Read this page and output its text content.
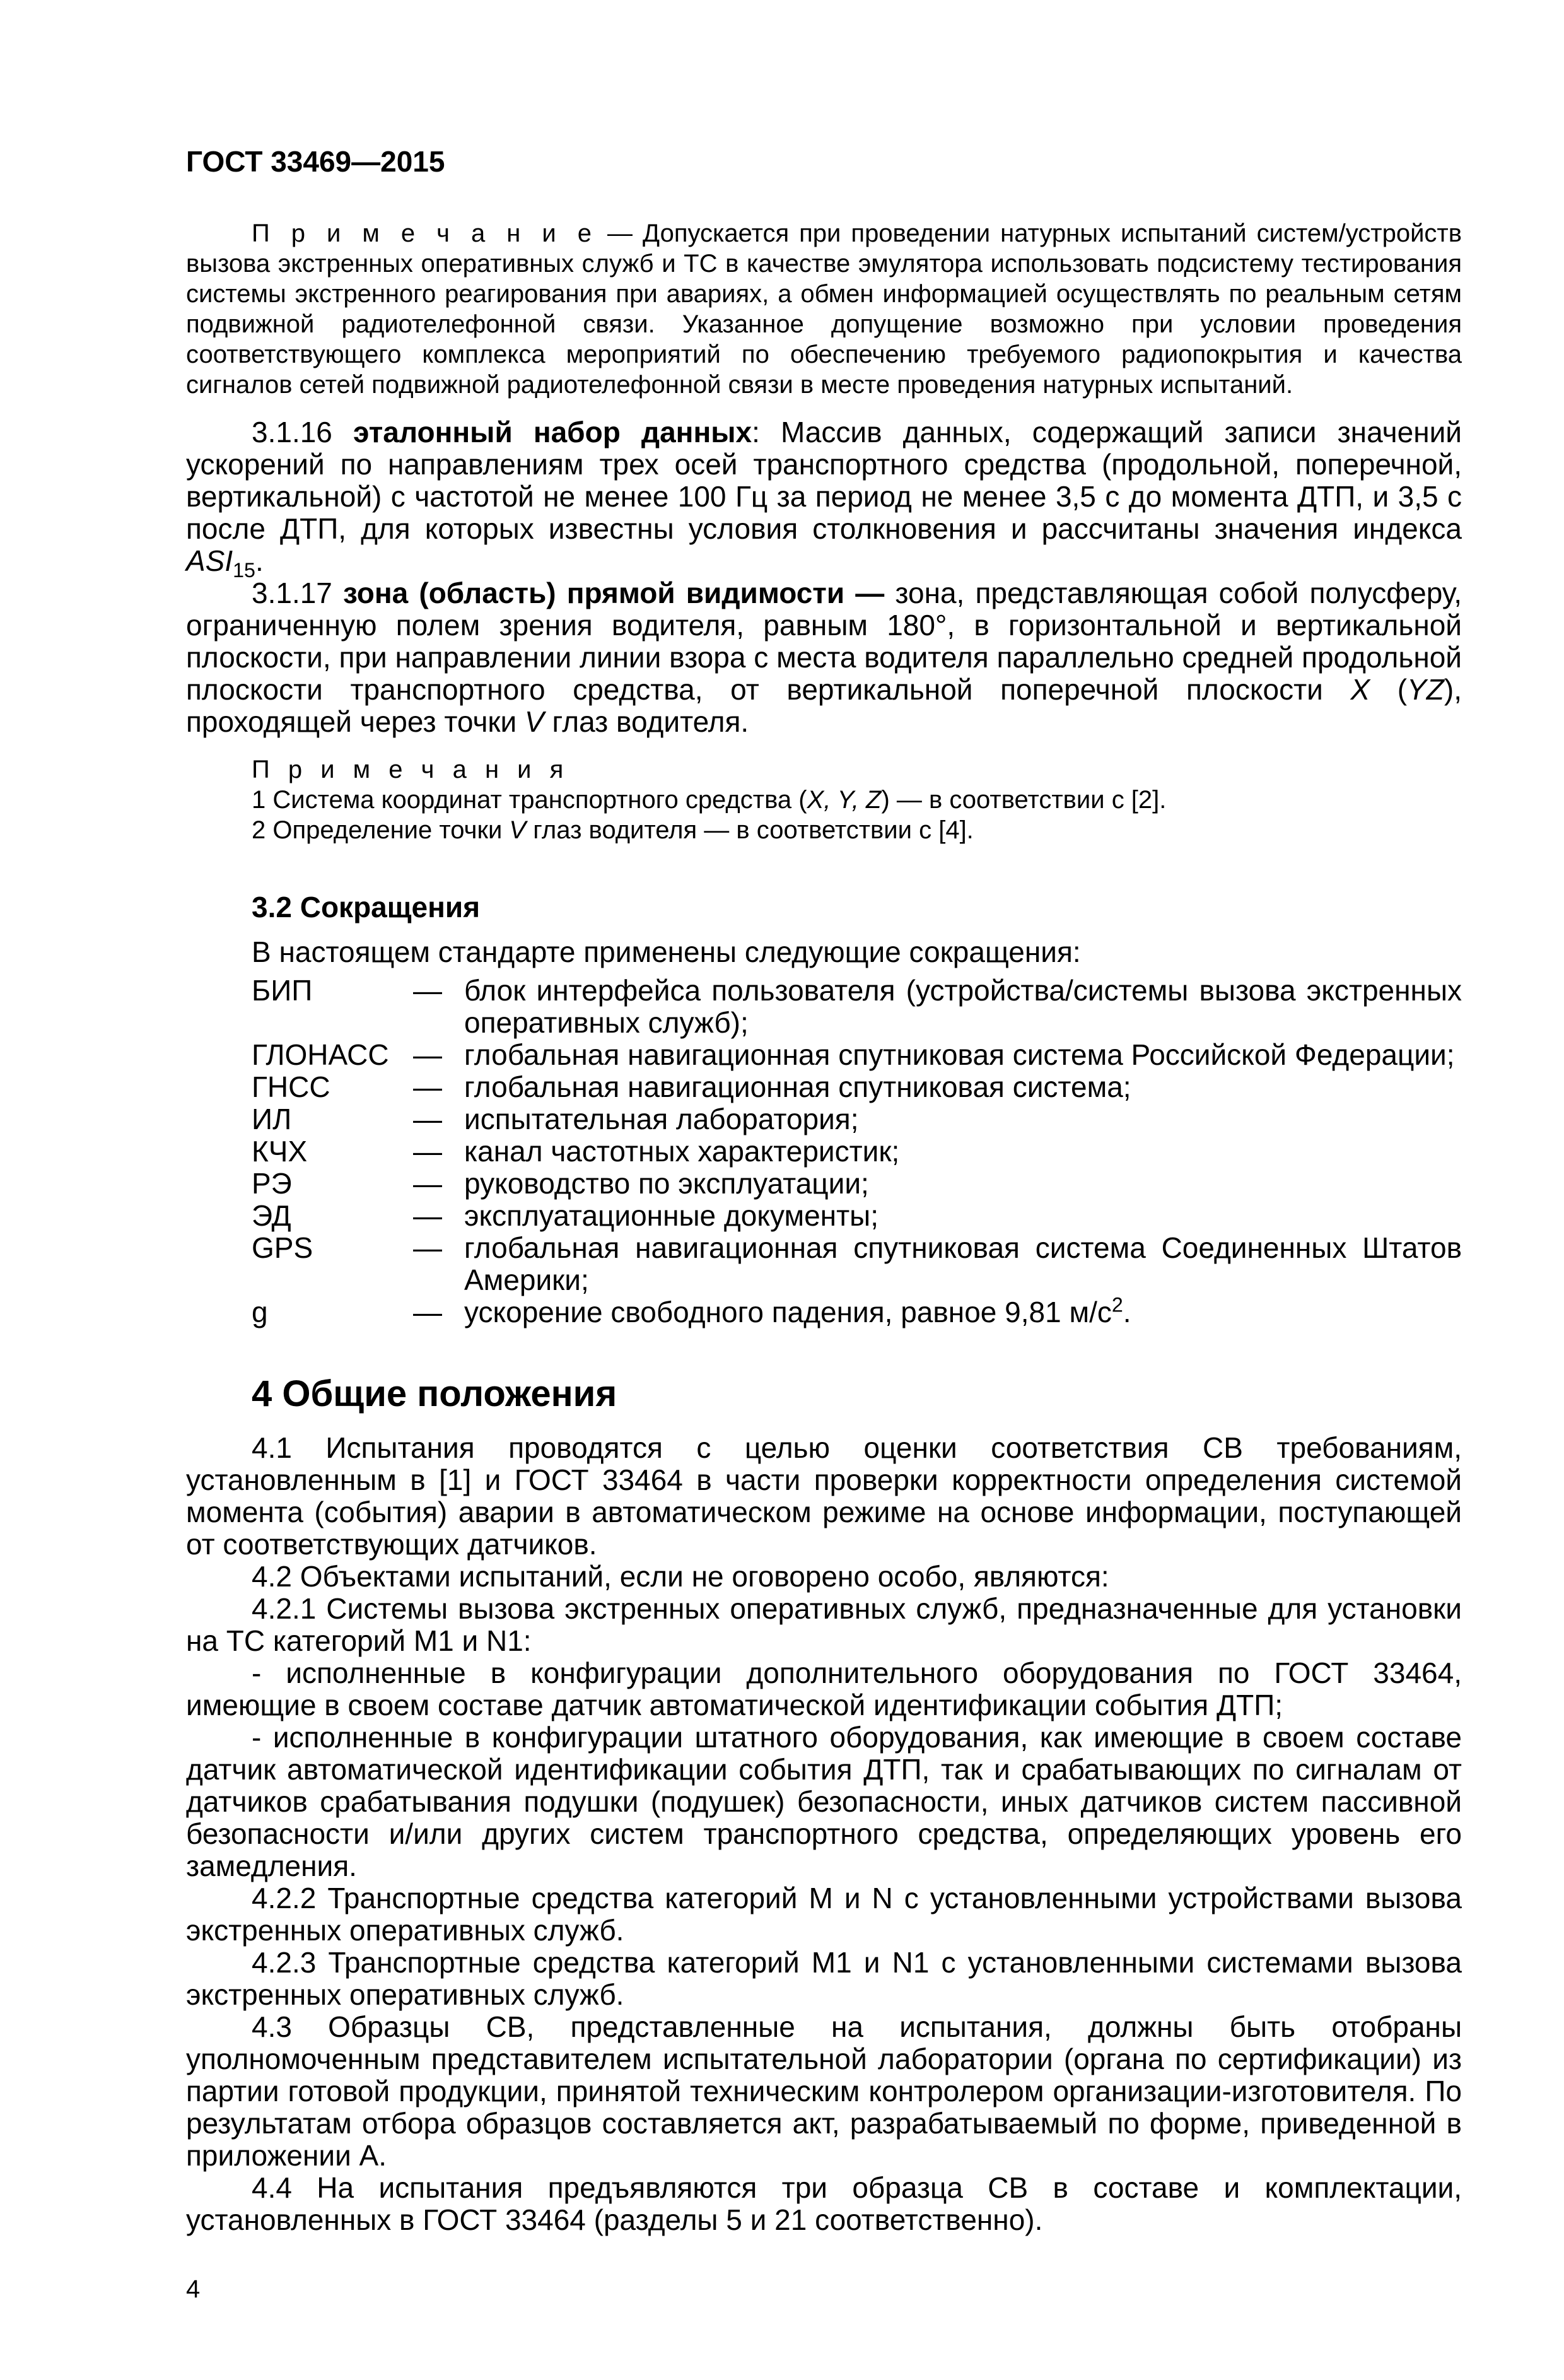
ГОСТ 33469—2015

П р и м е ч а н и е — Допускается при проведении натурных испытаний систем/устройств вызова экстренных оперативных служб и ТС в качестве эмулятора использовать подсистему тестирования системы экстренного реагирования при авариях, а обмен информацией осуществлять по реальным сетям подвижной радиотелефонной связи. Указанное допущение возможно при условии проведения соответствующего комплекса мероприятий по обеспечению требуемого радиопокрытия и качества сигналов сетей подвижной радиотелефонной связи в месте проведения натурных испытаний.

3.1.16 эталонный набор данных: Массив данных, содержащий записи значений ускорений по направлениям трех осей транспортного средства (продольной, поперечной, вертикальной) с частотой не менее 100 Гц за период не менее 3,5 с до момента ДТП, и 3,5 с после ДТП, для которых известны условия столкновения и рассчитаны значения индекса $ASI_{15}$.

3.1.17 зона (область) прямой видимости — зона, представляющая собой полусферу, ограниченную полем зрения водителя, равным 180°, в горизонтальной и вертикальной плоскости, при направлении линии взора с места водителя параллельно средней продольной плоскости транспортного средства, от вертикальной поперечной плоскости X (YZ), проходящей через точки V глаз водителя.

П р и м е ч а н и я
1 Система координат транспортного средства (X, Y, Z) — в соответствии с [2].
2 Определение точки V глаз водителя — в соответствии с [4].
3.2 Сокращения
В настоящем стандарте применены следующие сокращения:
БИП	— блок интерфейса пользователя (устройства/системы вызова экстренных оперативных служб);
ГЛОНАСС — глобальная навигационная спутниковая система Российской Федерации;
ГНСС	— глобальная навигационная спутниковая система;
ИЛ	— испытательная лаборатория;
КЧХ	— канал частотных характеристик;
РЭ	— руководство по эксплуатации;
ЭД	— эксплуатационные документы;
GPS	— глобальная навигационная спутниковая система Соединенных Штатов Америки;
g	— ускорение свободного падения, равное 9,81 $м/с^2$.
4 Общие положения

4.1 Испытания проводятся с целью оценки соответствия СВ требованиям, установленным в [1] и ГОСТ 33464 в части проверки корректности определения системой момента (события) аварии в автоматическом режиме на основе информации, поступающей от соответствующих датчиков.

4.2 Объектами испытаний, если не оговорено особо, являются:

4.2.1 Системы вызова экстренных оперативных служб, предназначенные для установки на ТС категорий М1 и N1:

- исполненные в конфигурации дополнительного оборудования по ГОСТ 33464, имеющие в своем составе датчик автоматической идентификации события ДТП;

- исполненные в конфигурации штатного оборудования, как имеющие в своем составе датчик автоматической идентификации события ДТП, так и срабатывающих по сигналам от датчиков срабатывания подушки (подушек) безопасности, иных датчиков систем пассивной безопасности и/или других систем транспортного средства, определяющих уровень его замедления.

4.2.2 Транспортные средства категорий М и N с установленными устройствами вызова экстренных оперативных служб.

4.2.3 Транспортные средства категорий М1 и N1 с установленными системами вызова экстренных оперативных служб.

4.3 Образцы СВ, представленные на испытания, должны быть отобраны уполномоченным представителем испытательной лаборатории (органа по сертификации) из партии готовой продукции, принятой техническим контролером организации-изготовителя. По результатам отбора образцов составляется акт, разрабатываемый по форме, приведенной в приложении А.

4.4 На испытания предъявляются три образца СВ в составе и комплектации, установленных в ГОСТ 33464 (разделы 5 и 21 соответственно).

4
